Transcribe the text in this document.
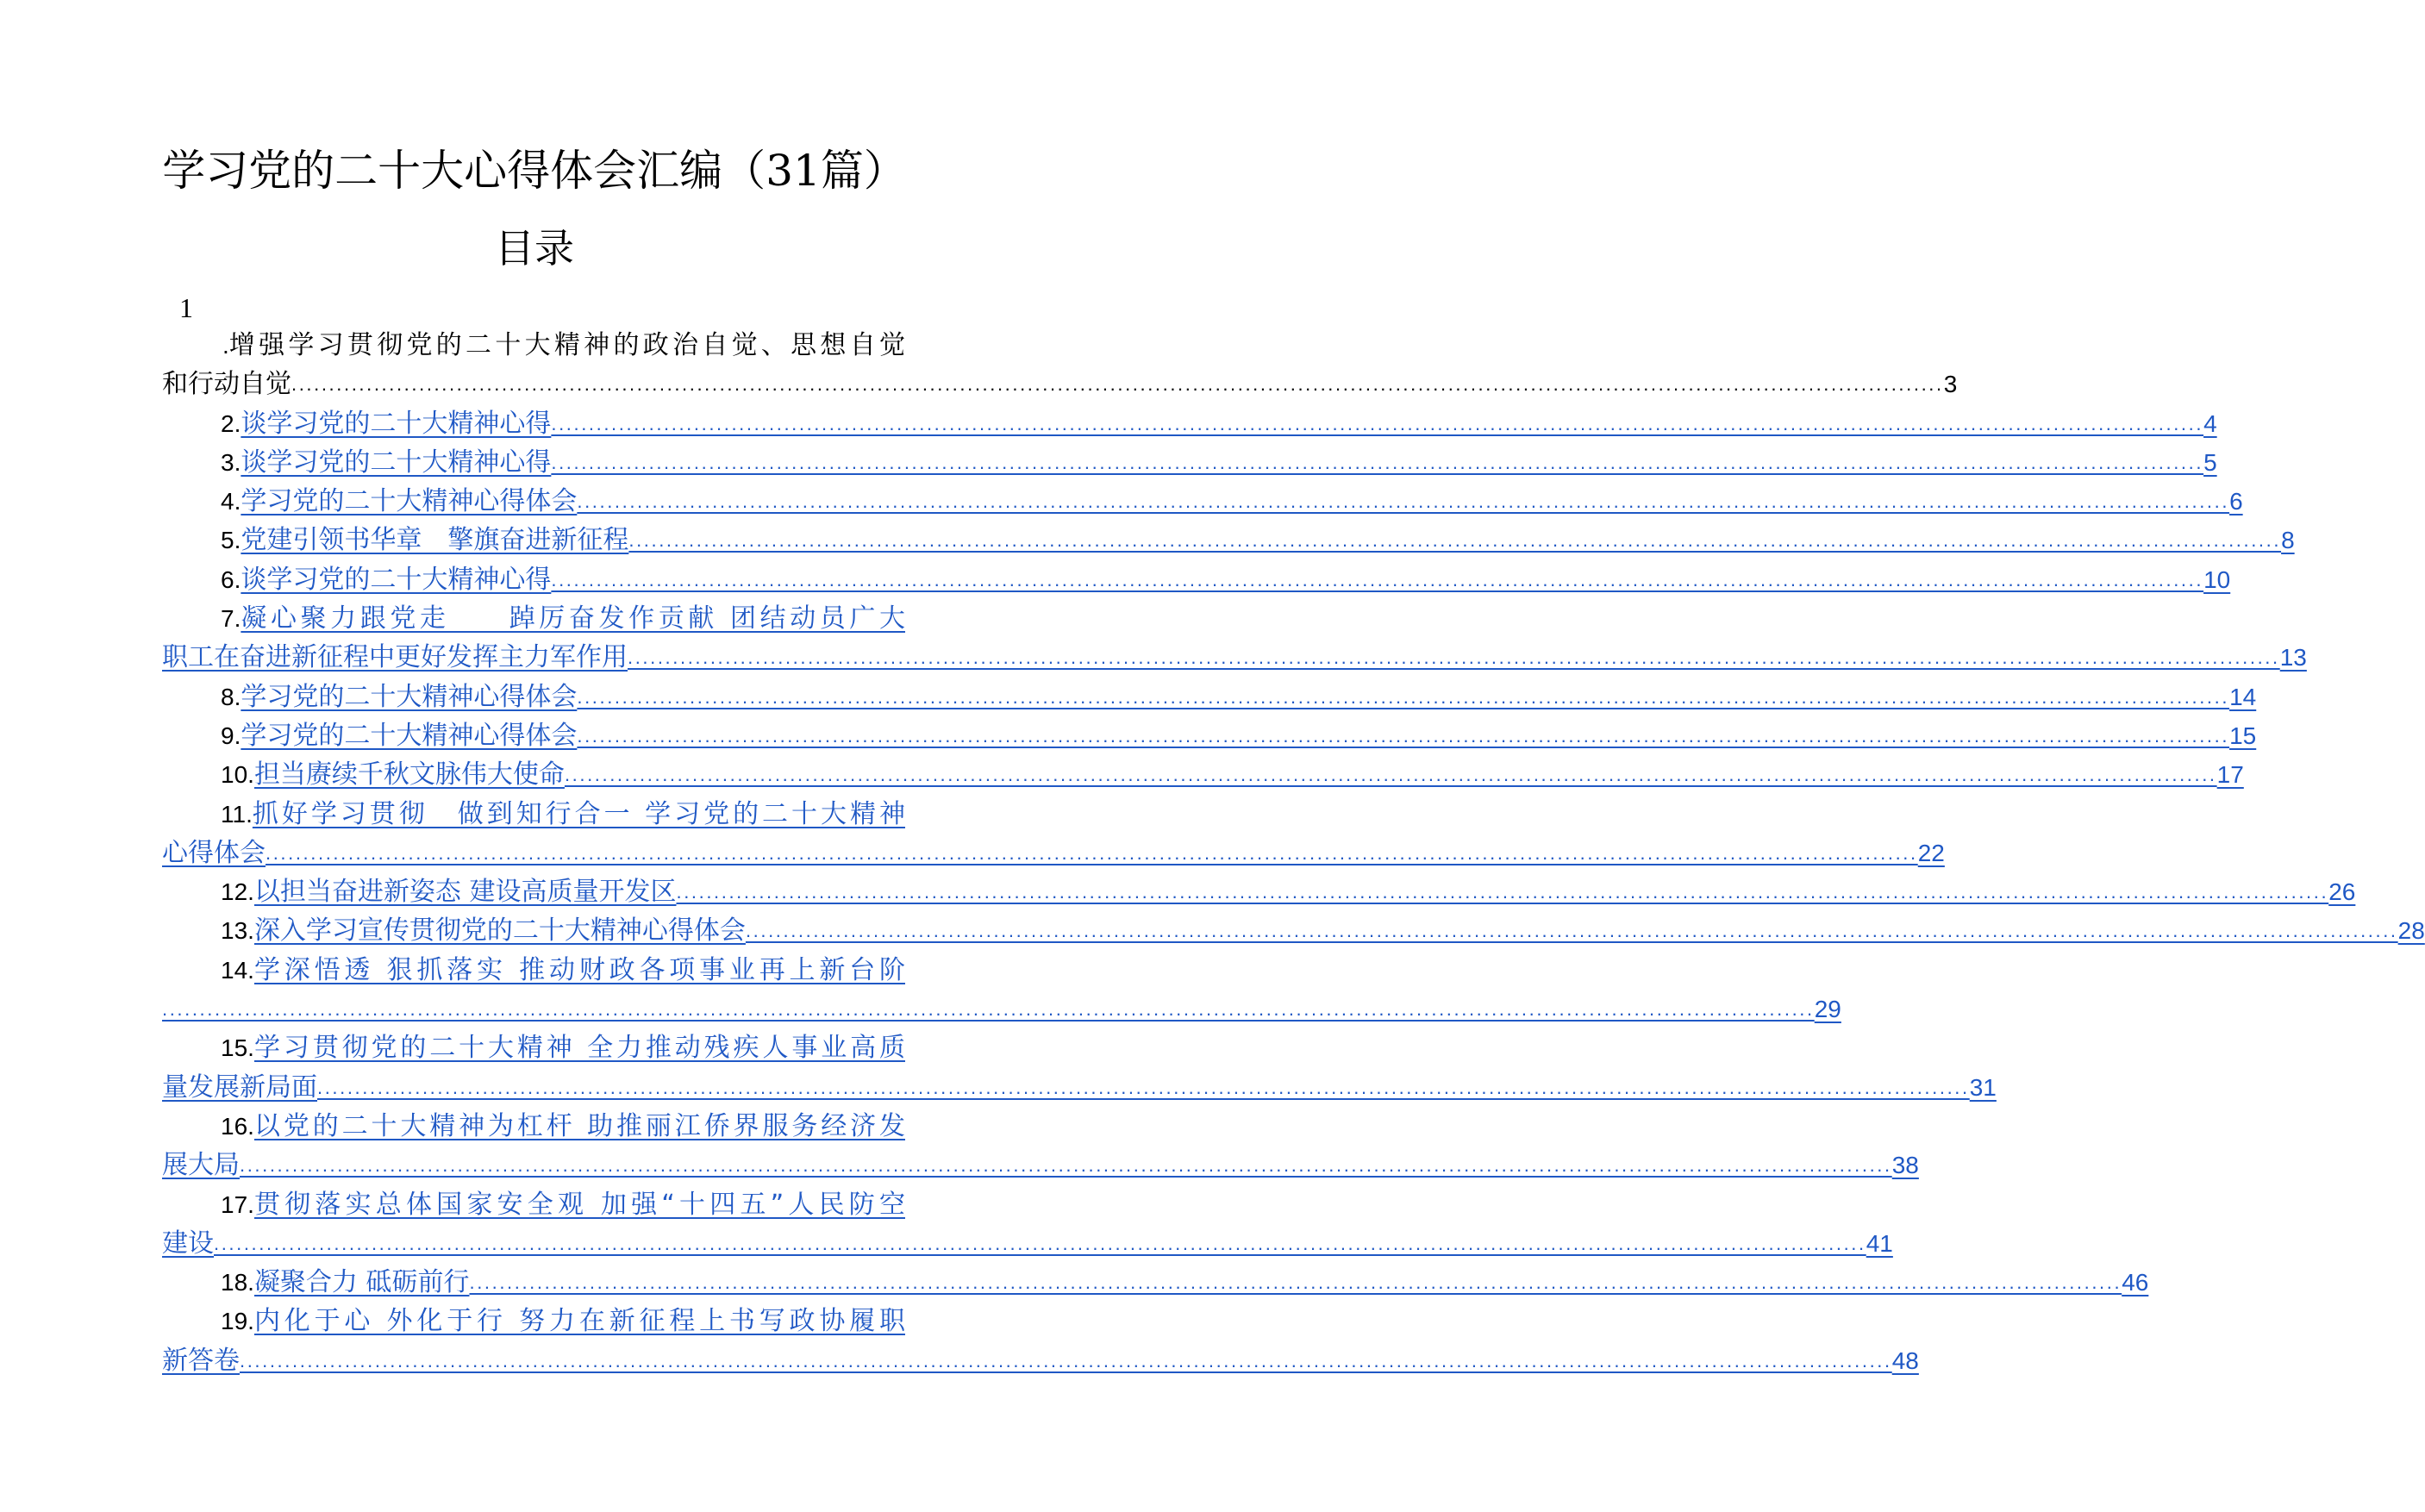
学习党的二十大心得体会汇编（31篇）
目录
1
. 增强学习贯彻党的二十大精神的政治自觉、思想自觉
和行动自觉 ............................................................................................................................................................................................................................ 3
2. 谈学习党的二十大精神心得 ............................................................................................................................................................................................................................ 4
3. 谈学习党的二十大精神心得 ............................................................................................................................................................................................................................ 5
4. 学习党的二十大精神心得体会 ............................................................................................................................................................................................................................ 6
5. 党建引领书华章　擎旗奋进新征程 ............................................................................................................................................................................................................................ 8
6. 谈学习党的二十大精神心得 ............................................................................................................................................................................................................................ 10
7. 凝心聚力跟党走　　踔厉奋发作贡献 团结动员广大
职工在奋进新征程中更好发挥主力军作用 ............................................................................................................................................................................................................................ 13
8. 学习党的二十大精神心得体会 ............................................................................................................................................................................................................................ 14
9. 学习党的二十大精神心得体会 ............................................................................................................................................................................................................................ 15
10. 担当赓续千秋文脉伟大使命 ............................................................................................................................................................................................................................ 17
11. 抓好学习贯彻　做到知行合一 学习党的二十大精神
心得体会 ............................................................................................................................................................................................................................ 22
12. 以担当奋进新姿态 建设高质量开发区 ............................................................................................................................................................................................................................ 26
13. 深入学习宣传贯彻党的二十大精神心得体会 ............................................................................................................................................................................................................................ 28
14. 学深悟透 狠抓落实 推动财政各项事业再上新台阶
............................................................................................................................................................................................................................ 29
15. 学习贯彻党的二十大精神 全力推动残疾人事业高质
量发展新局面 ............................................................................................................................................................................................................................ 31
16. 以党的二十大精神为杠杆 助推丽江侨界服务经济发
展大局 ............................................................................................................................................................................................................................ 38
17. 贯彻落实总体国家安全观 加强“十四五”人民防空
建设 ............................................................................................................................................................................................................................ 41
18. 凝聚合力 砥砺前行 ............................................................................................................................................................................................................................ 46
19. 内化于心 外化于行 努力在新征程上书写政协履职
新答卷 ............................................................................................................................................................................................................................ 48
